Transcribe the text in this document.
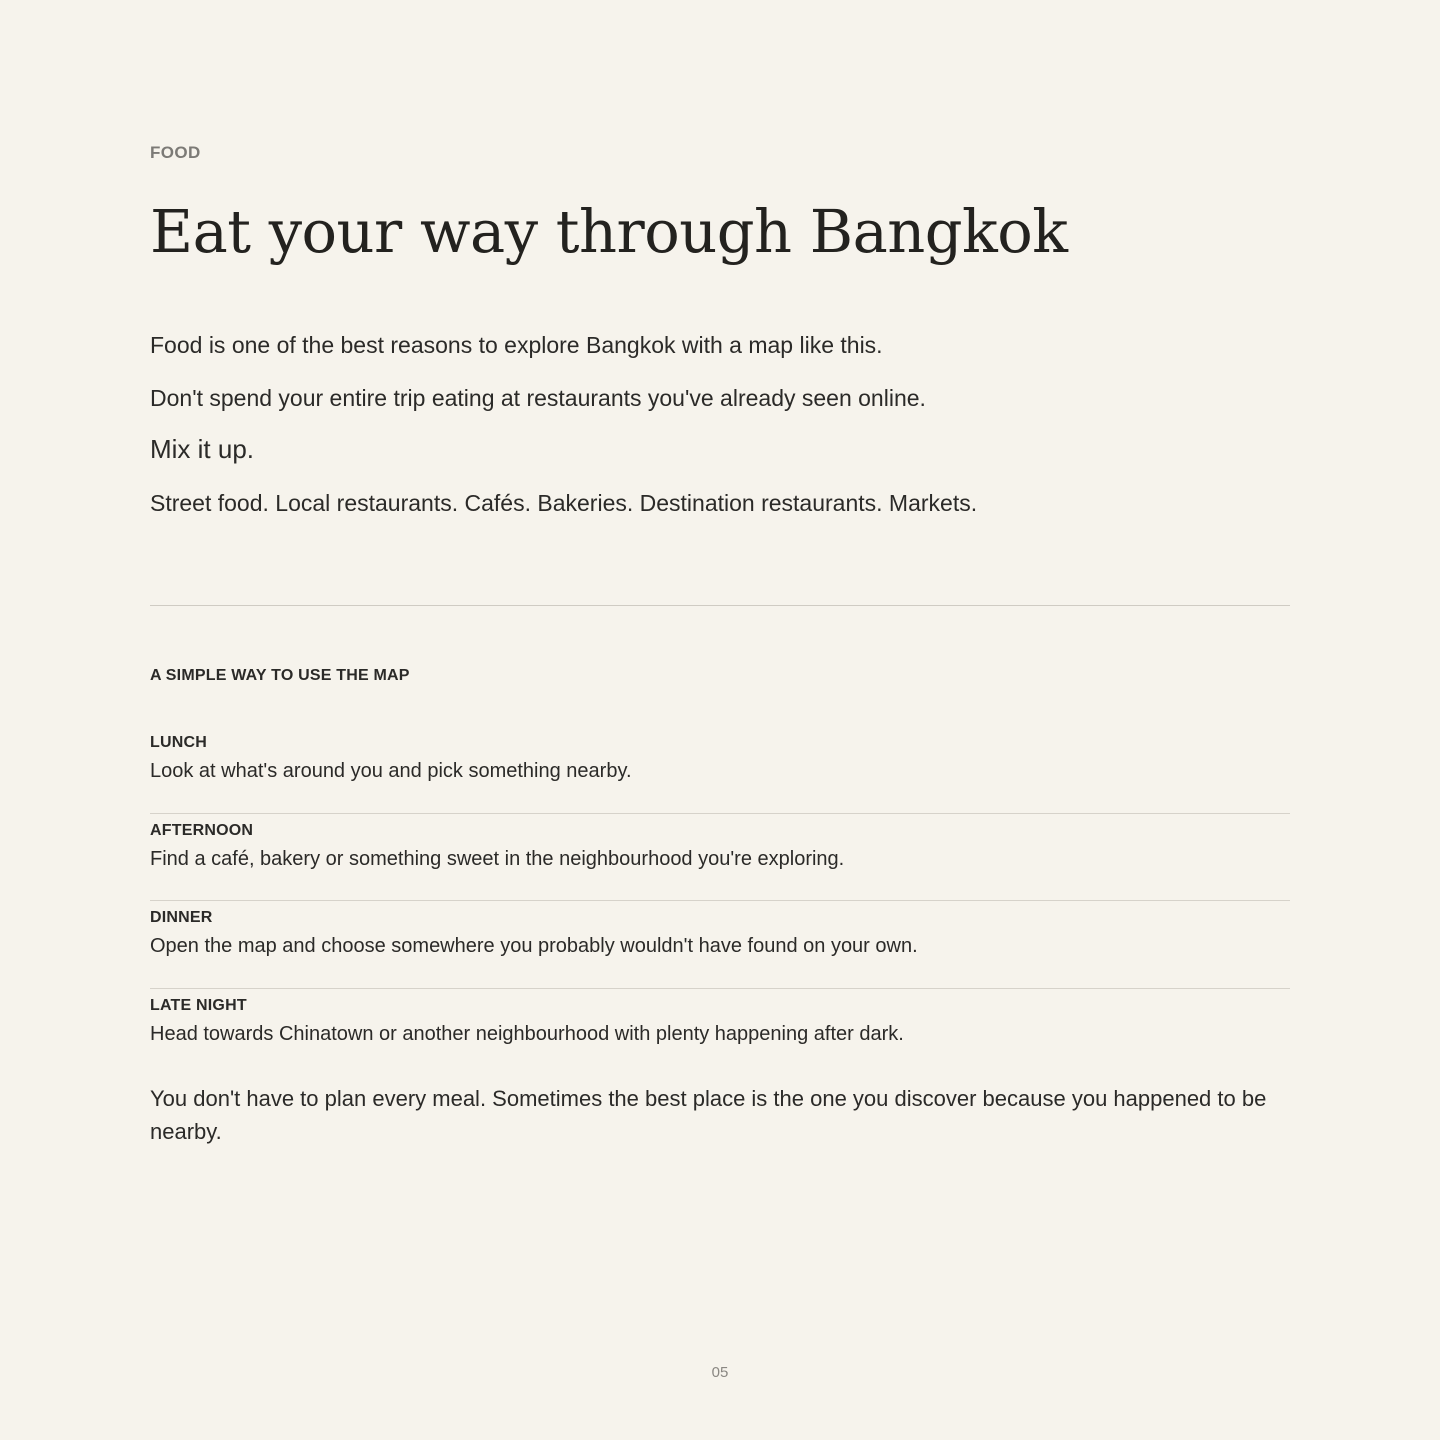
FOOD
Eat your way through Bangkok

Food is one of the best reasons to explore Bangkok with a map like this.

Don't spend your entire trip eating at restaurants you've already seen online.

Mix it up.

Street food. Local restaurants. Cafés. Bakeries. Destination restaurants. Markets.

A SIMPLE WAY TO USE THE MAP
LUNCH
Look at what's around you and pick something nearby.
AFTERNOON
Find a café, bakery or something sweet in the neighbourhood you're exploring.
DINNER
Open the map and choose somewhere you probably wouldn't have found on your own.
LATE NIGHT
Head towards Chinatown or another neighbourhood with plenty happening after dark.

You don't have to plan every meal. Sometimes the best place is the one you discover because you happened to be nearby.

05
